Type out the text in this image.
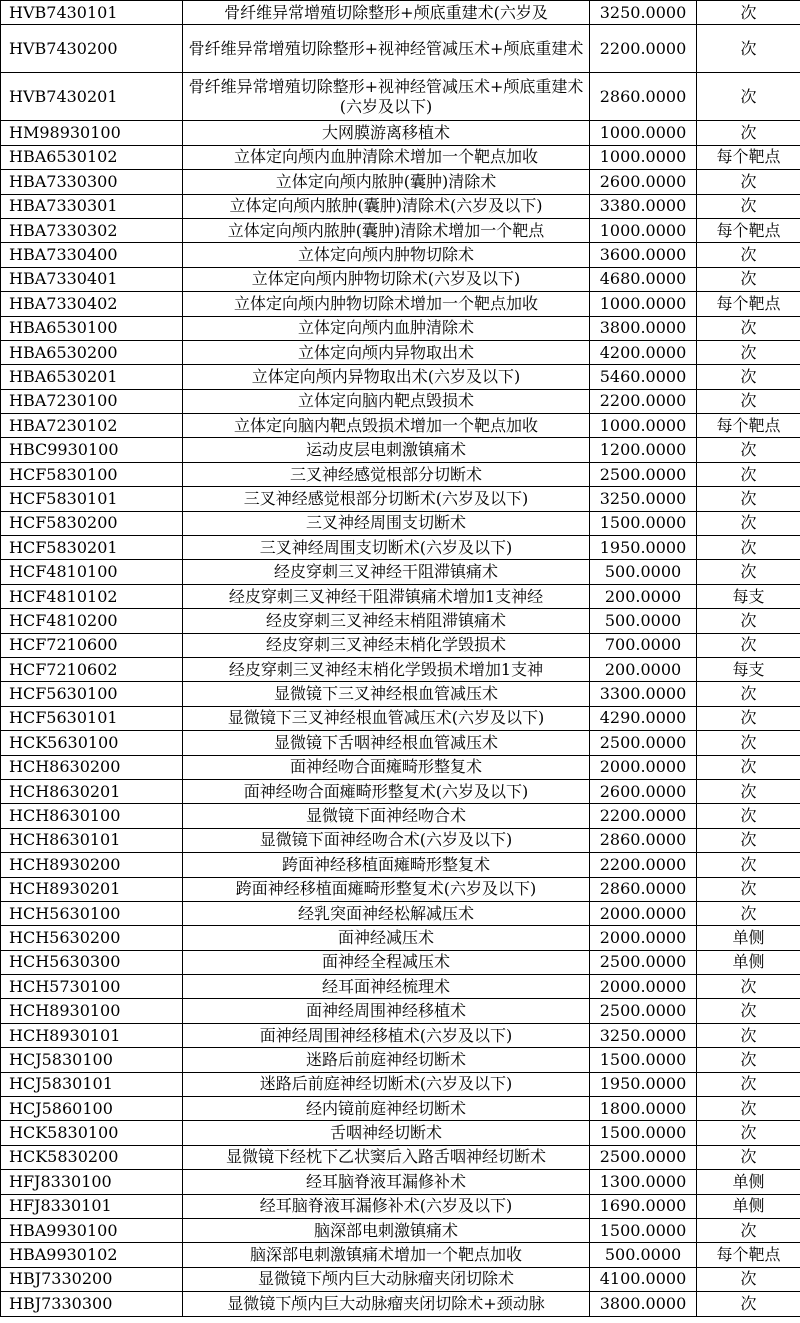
HVB7430101	骨纤维异常增殖切除整形+颅底重建术(六岁及	3250.0000	次
HVB7430200	骨纤维异常增殖切除整形+视神经管减压术+颅底重建术	2200.0000	次
HVB7430201	骨纤维异常增殖切除整形+视神经管减压术+颅底重建术(六岁及以下)	2860.0000	次
HM98930100	大网膜游离移植术	1000.0000	次
HBA6530102	立体定向颅内血肿清除术增加一个靶点加收	1000.0000	每个靶点
HBA7330300	立体定向颅内脓肿(囊肿)清除术	2600.0000	次
HBA7330301	立体定向颅内脓肿(囊肿)清除术(六岁及以下)	3380.0000	次
HBA7330302	立体定向颅内脓肿(囊肿)清除术增加一个靶点	1000.0000	每个靶点
HBA7330400	立体定向颅内肿物切除术	3600.0000	次
HBA7330401	立体定向颅内肿物切除术(六岁及以下)	4680.0000	次
HBA7330402	立体定向颅内肿物切除术增加一个靶点加收	1000.0000	每个靶点
HBA6530100	立体定向颅内血肿清除术	3800.0000	次
HBA6530200	立体定向颅内异物取出术	4200.0000	次
HBA6530201	立体定向颅内异物取出术(六岁及以下)	5460.0000	次
HBA7230100	立体定向脑内靶点毁损术	2200.0000	次
HBA7230102	立体定向脑内靶点毁损术增加一个靶点加收	1000.0000	每个靶点
HBC9930100	运动皮层电刺激镇痛术	1200.0000	次
HCF5830100	三叉神经感觉根部分切断术	2500.0000	次
HCF5830101	三叉神经感觉根部分切断术(六岁及以下)	3250.0000	次
HCF5830200	三叉神经周围支切断术	1500.0000	次
HCF5830201	三叉神经周围支切断术(六岁及以下)	1950.0000	次
HCF4810100	经皮穿刺三叉神经干阻滞镇痛术	500.0000	次
HCF4810102	经皮穿刺三叉神经干阻滞镇痛术增加1支神经	200.0000	每支
HCF4810200	经皮穿刺三叉神经末梢阻滞镇痛术	500.0000	次
HCF7210600	经皮穿刺三叉神经末梢化学毁损术	700.0000	次
HCF7210602	经皮穿刺三叉神经末梢化学毁损术增加1支神	200.0000	每支
HCF5630100	显微镜下三叉神经根血管减压术	3300.0000	次
HCF5630101	显微镜下三叉神经根血管减压术(六岁及以下)	4290.0000	次
HCK5630100	显微镜下舌咽神经根血管减压术	2500.0000	次
HCH8630200	面神经吻合面瘫畸形整复术	2000.0000	次
HCH8630201	面神经吻合面瘫畸形整复术(六岁及以下)	2600.0000	次
HCH8630100	显微镜下面神经吻合术	2200.0000	次
HCH8630101	显微镜下面神经吻合术(六岁及以下)	2860.0000	次
HCH8930200	跨面神经移植面瘫畸形整复术	2200.0000	次
HCH8930201	跨面神经移植面瘫畸形整复术(六岁及以下)	2860.0000	次
HCH5630100	经乳突面神经松解减压术	2000.0000	次
HCH5630200	面神经减压术	2000.0000	单侧
HCH5630300	面神经全程减压术	2500.0000	单侧
HCH5730100	经耳面神经梳理术	2000.0000	次
HCH8930100	面神经周围神经移植术	2500.0000	次
HCH8930101	面神经周围神经移植术(六岁及以下)	3250.0000	次
HCJ5830100	迷路后前庭神经切断术	1500.0000	次
HCJ5830101	迷路后前庭神经切断术(六岁及以下)	1950.0000	次
HCJ5860100	经内镜前庭神经切断术	1800.0000	次
HCK5830100	舌咽神经切断术	1500.0000	次
HCK5830200	显微镜下经枕下乙状窦后入路舌咽神经切断术	2500.0000	次
HFJ8330100	经耳脑脊液耳漏修补术	1300.0000	单侧
HFJ8330101	经耳脑脊液耳漏修补术(六岁及以下)	1690.0000	单侧
HBA9930100	脑深部电刺激镇痛术	1500.0000	次
HBA9930102	脑深部电刺激镇痛术增加一个靶点加收	500.0000	每个靶点
HBJ7330200	显微镜下颅内巨大动脉瘤夹闭切除术	4100.0000	次
HBJ7330300	显微镜下颅内巨大动脉瘤夹闭切除术+颈动脉	3800.0000	次
